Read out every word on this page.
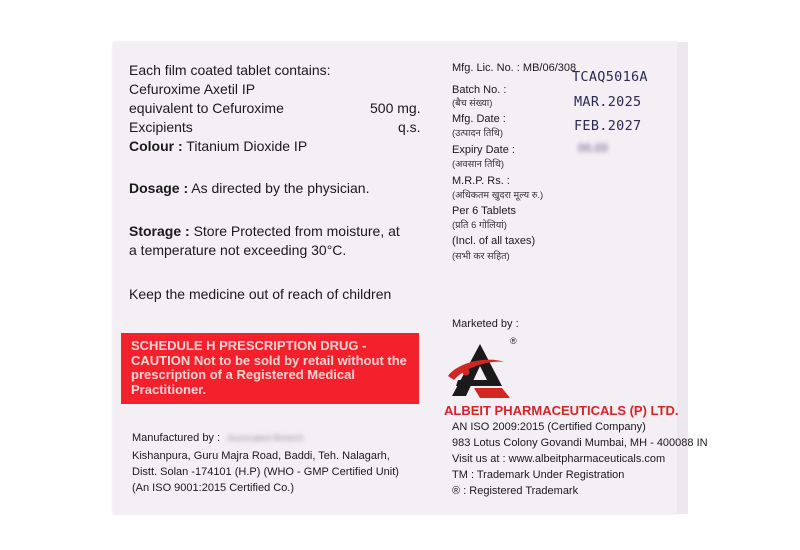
Each film coated tablet contains:
Cefuroxime Axetil IP
equivalent to Cefuroxime	500 mg.
Excipients	q.s.
Colour : Titanium Dioxide IP
Dosage : As directed by the physician.
Storage : Store Protected from moisture, at
a temperature not exceeding 30°C.
Keep the medicine out of reach of children
SCHEDULE H PRESCRIPTION DRUG - CAUTION Not to be sold by retail without the prescription of a Registered Medical Practitioner.
Manufactured by : Associated Biotech
Kishanpura, Guru Majra Road, Baddi, Teh. Nalagarh,
Distt. Solan -174101 (H.P) (WHO - GMP Certified Unit)
(An ISO 9001:2015 Certified Co.)
Mfg. Lic. No. : MB/06/308
Batch No. :
(बैच संख्या)
TCAQ5016A
Mfg. Date :
(उत्पादन तिथि)
MAR.2025
Expiry Date :
(अवसान तिथि)
FEB.2027
00.00
M.R.P. Rs. :
(अधिकतम खुदरा मूल्य रु.)
Per 6 Tablets
(प्रति 6 गोलियां)
(Incl. of all taxes)
(सभी कर सहित)
Marketed by :
®
ALBEIT PHARMACEUTICALS (P) LTD.
AN ISO 2009:2015 (Certified Company)
983 Lotus Colony Govandi Mumbai, MH - 400088 IN
Visit us at : www.albeitpharmaceuticals.com
TM : Trademark Under Registration
® : Registered Trademark
